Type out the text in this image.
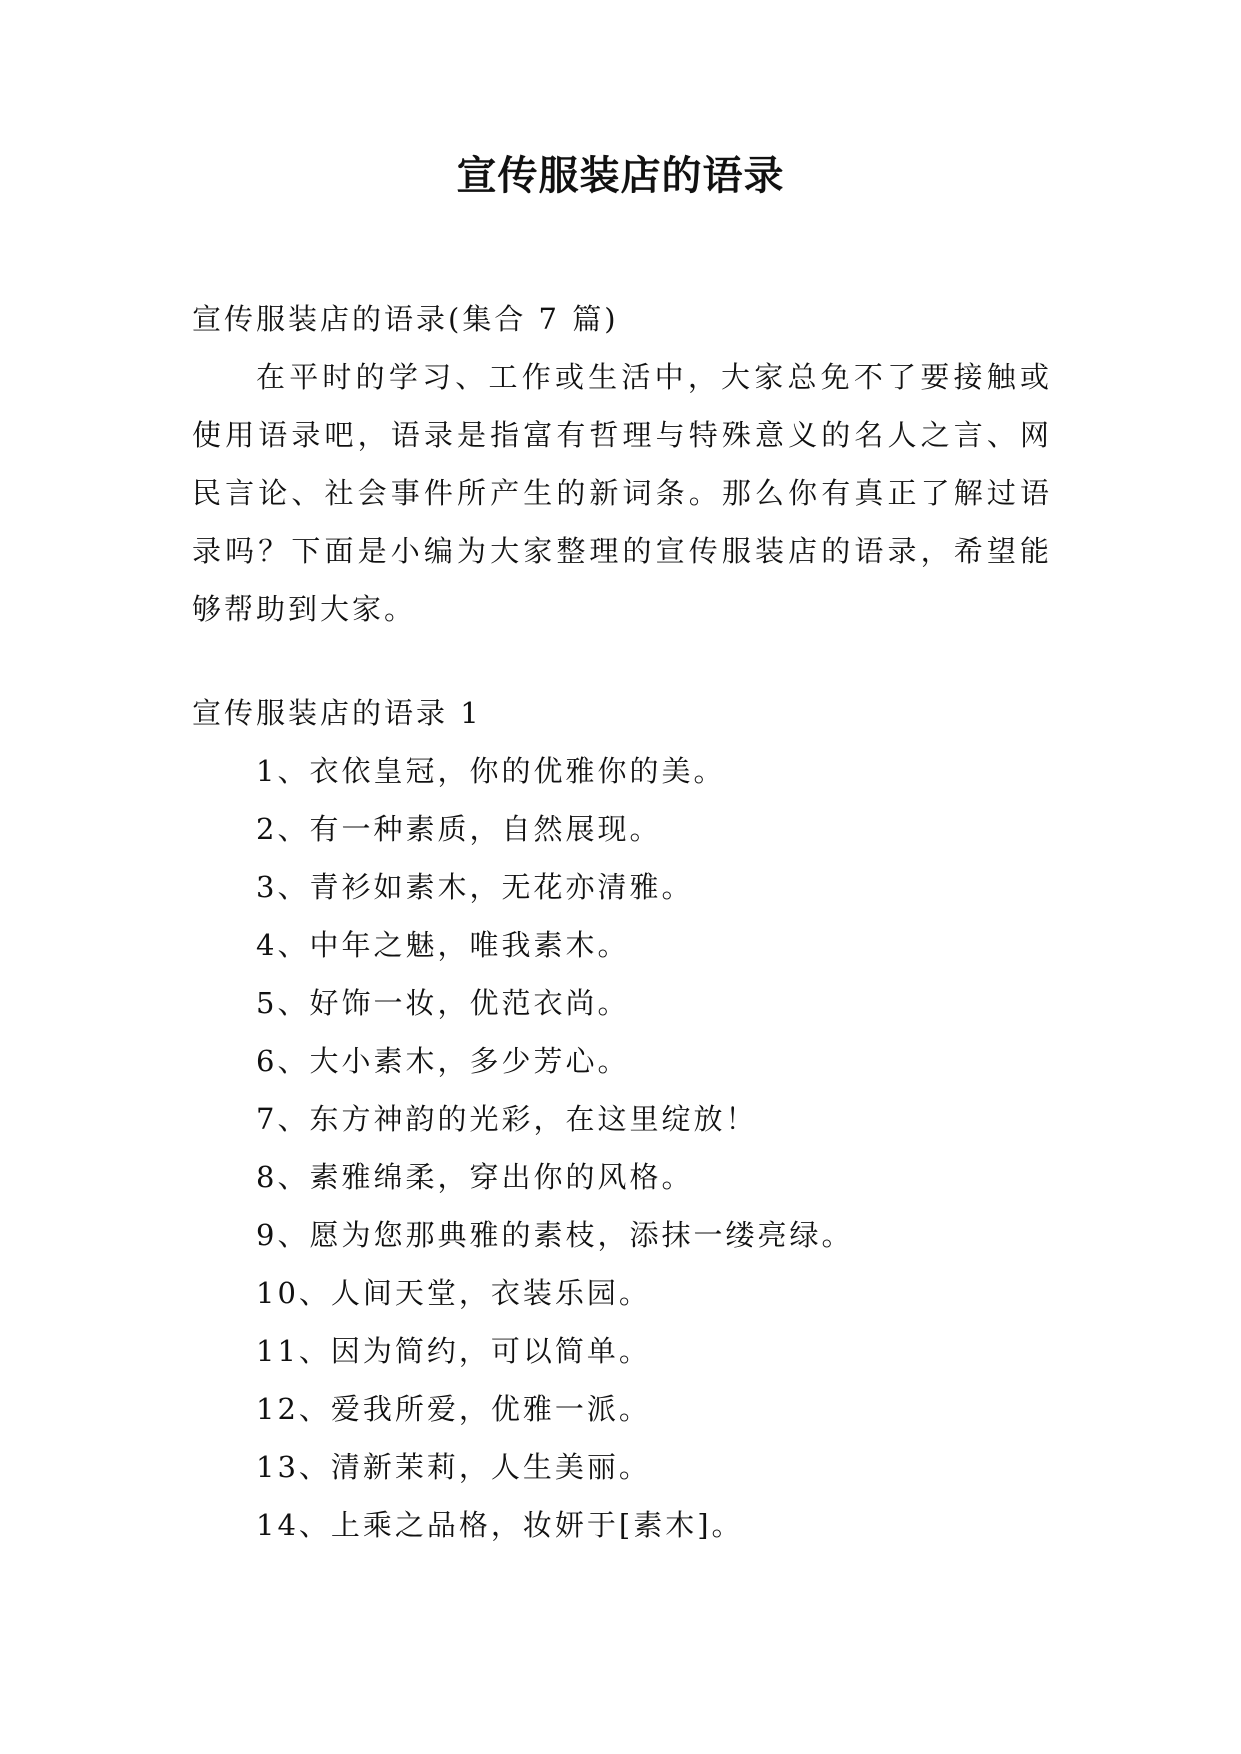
宣传服装店的语录

宣传服装店的语录(集合 7 篇)

在平时的学习、工作或生活中，大家总免不了要接触或使用语录吧，语录是指富有哲理与特殊意义的名人之言、网民言论、社会事件所产生的新词条。那么你有真正了解过语录吗？下面是小编为大家整理的宣传服装店的语录，希望能够帮助到大家。

宣传服装店的语录 1

1、衣依皇冠，你的优雅你的美。
2、有一种素质，自然展现。
3、青衫如素木，无花亦清雅。
4、中年之魅，唯我素木。
5、好饰一妆，优范衣尚。
6、大小素木，多少芳心。
7、东方神韵的光彩，在这里绽放！
8、素雅绵柔，穿出你的风格。
9、愿为您那典雅的素枝，添抹一缕亮绿。
10、人间天堂，衣装乐园。
11、因为简约，可以简单。
12、爱我所爱，优雅一派。
13、清新茉莉，人生美丽。
14、上乘之品格，妆妍于[素木]。
